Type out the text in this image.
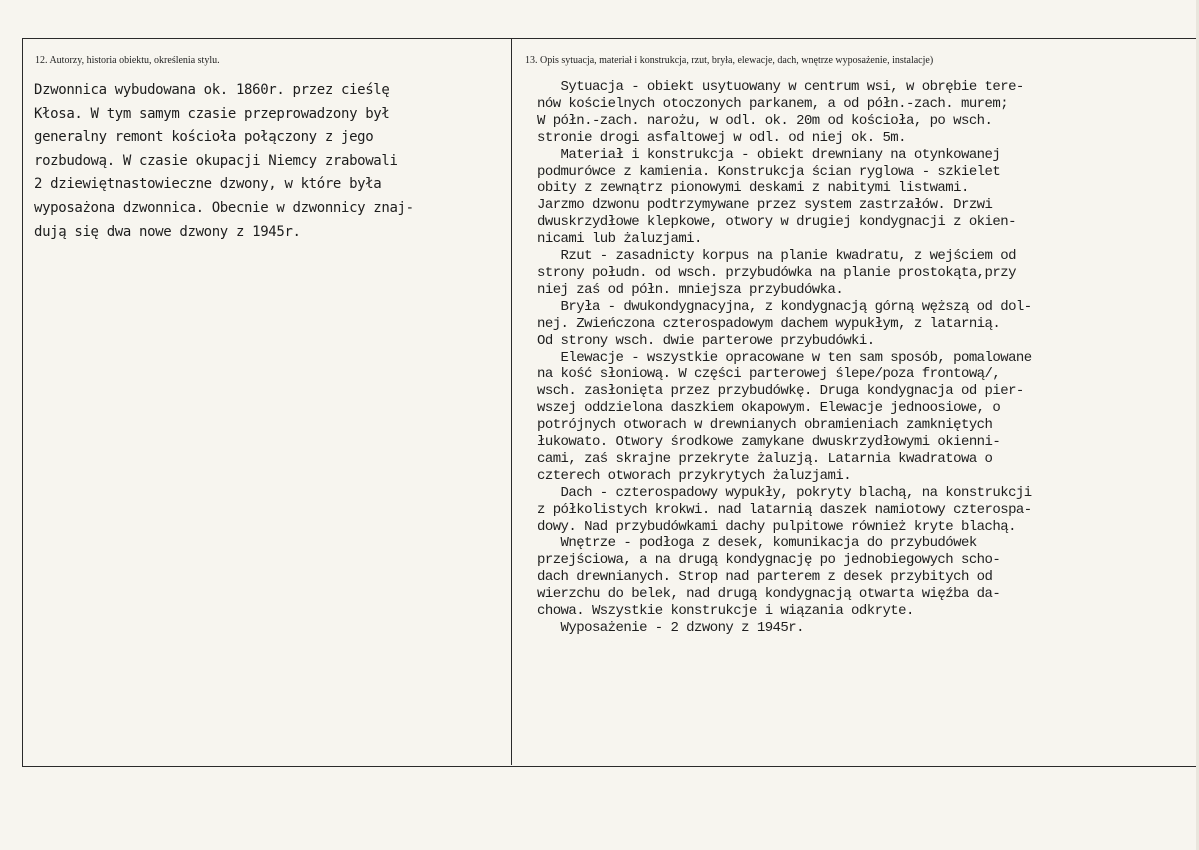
12. Autorzy, historia obiektu, określenia stylu.	13. Opis sytuacja, materiał i konstrukcja, rzut, bryła, elewacje, dach, wnętrze wyposażenie, instalacje)
Dzwonnica wybudowana ok. 1860r. przez cieślę
Kłosa. W tym samym czasie przeprowadzony był
generalny remont kościoła połączony z jego
rozbudową. W czasie okupacji Niemcy zrabowali
2 dziewiętnastowieczne dzwony, w które była
wyposażona dzwonnica. Obecnie w dzwonnicy znaj-
dują się dwa nowe dzwony z 1945r.
Sytuacja - obiekt usytuowany w centrum wsi, w obrębie tere-
nów kościelnych otoczonych parkanem, a od półn.-zach. murem;
W półn.-zach. narożu, w odl. ok. 20m od kościoła, po wsch.
stronie drogi asfaltowej w odl. od niej ok. 5m.
Materiał i konstrukcja - obiekt drewniany na otynkowanej
podmurówce z kamienia. Konstrukcja ścian ryglowa - szkielet
obity z zewnątrz pionowymi deskami z nabitymi listwami.
Jarzmo dzwonu podtrzymywane przez system zastrzałów. Drzwi
dwuskrzydłowe klepkowe, otwory w drugiej kondygnacji z okien-
nicami lub żaluzjami.
Rzut - zasadnicty korpus na planie kwadratu, z wejściem od
strony połudn. od wsch. przybudówka na planie prostokąta,przy
niej zaś od półn. mniejsza przybudówka.
Bryła - dwukondygnacyjna, z kondygnacją górną węższą od dol-
nej. Zwieńczona czterospadowym dachem wypukłym, z latarnią.
Od strony wsch. dwie parterowe przybudówki.
Elewacje - wszystkie opracowane w ten sam sposób, pomalowane
na kość słoniową. W części parterowej ślepe/poza frontową/,
wsch. zasłonięta przez przybudówkę. Druga kondygnacja od pier-
wszej oddzielona daszkiem okapowym. Elewacje jednoosiowe, o
potrójnych otworach w drewnianych obramieniach zamkniętych
łukowato. Otwory środkowe zamykane dwuskrzydłowymi okienni-
cami, zaś skrajne przekryte żaluzją. Latarnia kwadratowa o
czterech otworach przykrytych żaluzjami.
Dach - czterospadowy wypukły, pokryty blachą, na konstrukcji
z półkolistych krokwi. nad latarnią daszek namiotowy czterospa-
dowy. Nad przybudówkami dachy pulpitowe również kryte blachą.
Wnętrze - podłoga z desek, komunikacja do przybudówek
przejściowa, a na drugą kondygnację po jednobiegowych scho-
dach drewnianych. Strop nad parterem z desek przybitych od
wierzchu do belek, nad drugą kondygnacją otwarta więźba da-
chowa. Wszystkie konstrukcje i wiązania odkryte.
Wyposażenie - 2 dzwony z 1945r.
